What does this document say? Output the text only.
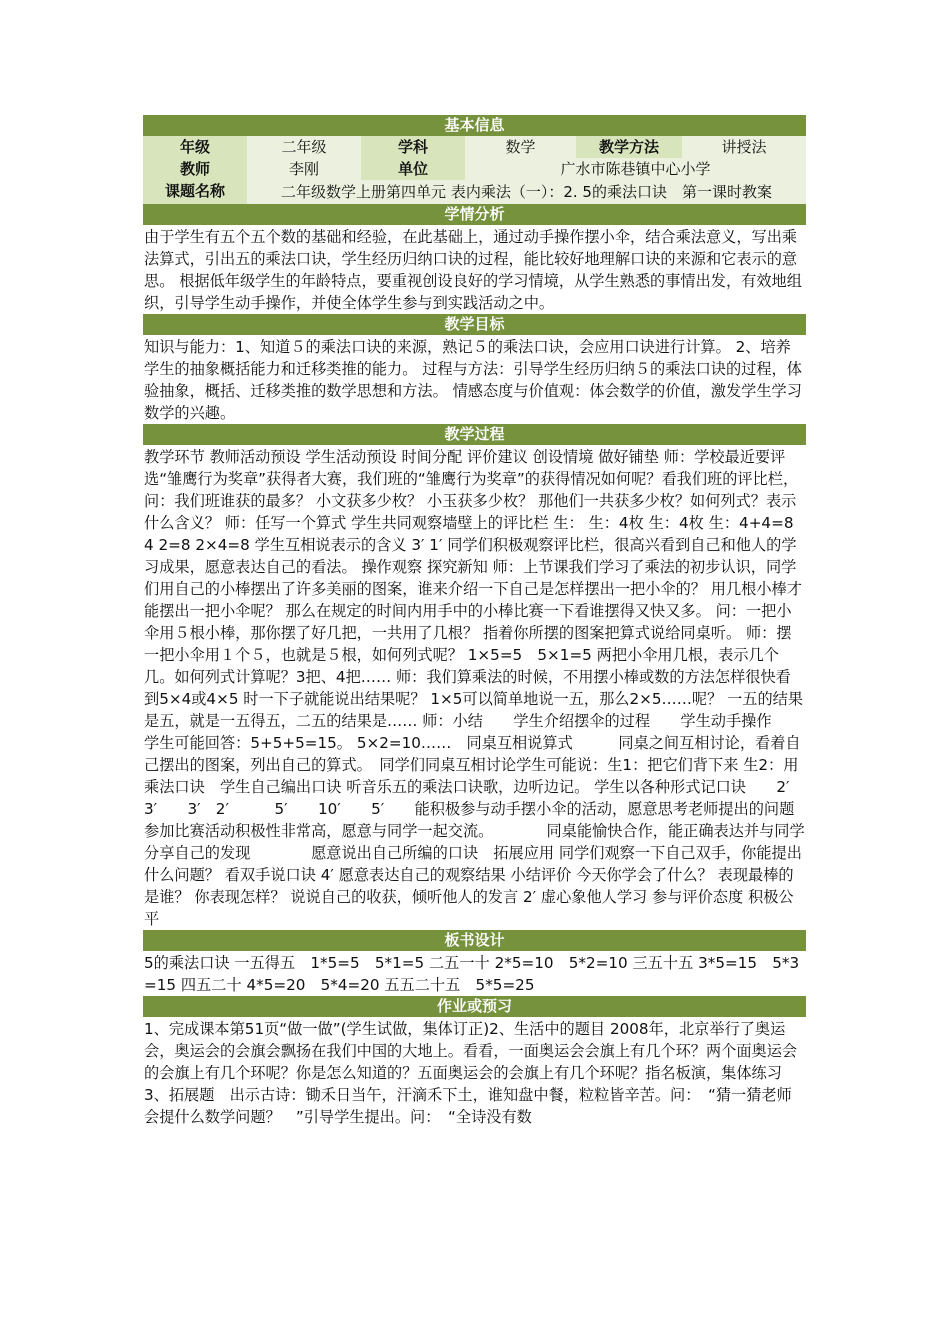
基本信息
年级	二年级	学科	数学	教学方法	讲授法
教师	李刚	单位	广水市陈巷镇中心小学
课题名称	二年级数学上册第四单元 表内乘法（一）：2. 5的乘法口诀　第一课时教案
学情分析
由于学生有五个五个数的基础和经验，在此基础上，通过动手操作摆小伞，结合乘法意义，写出乘法算式，引出五的乘法口诀，学生经历归纳口诀的过程，能比较好地理解口诀的来源和它表示的意思。 根据低年级学生的年龄特点，要重视创设良好的学习情境，从学生熟悉的事情出发，有效地组织，引导学生动手操作，并使全体学生参与到实践活动之中。
教学目标
知识与能力：1、知道５的乘法口诀的来源，熟记５的乘法口诀，会应用口诀进行计算。 2、培养学生的抽象概括能力和迁移类推的能力。 过程与方法：引导学生经历归纳５的乘法口诀的过程，体验抽象，概括、迁移类推的数学思想和方法。 情感态度与价值观：体会数学的价值，激发学生学习数学的兴趣。
教学过程
教学环节 教师活动预设 学生活动预设 时间分配 评价建议 创设情境 做好铺垫 师：学校最近要评选“雏鹰行为奖章”获得者大赛，我们班的“雏鹰行为奖章”的获得情况如何呢？看我们班的评比栏，问：我们班谁获的最多？ 小文获多少枚？ 小玉获多少枚？ 那他们一共获多少枚？如何列式？表示什么含义？ 师：任写一个算式 学生共同观察墙壁上的评比栏 生： 生：4枚 生：4枚 生：4+4=8 4 2=8 2×4=8 学生互相说表示的含义 3′ 1′ 同学们积极观察评比栏，很高兴看到自己和他人的学习成果，愿意表达自己的看法。 操作观察 探究新知 师：上节课我们学习了乘法的初步认识，同学们用自己的小棒摆出了许多美丽的图案，谁来介绍一下自己是怎样摆出一把小伞的？ 用几根小棒才能摆出一把小伞呢？ 那么在规定的时间内用手中的小棒比赛一下看谁摆得又快又多。 问：一把小伞用５根小棒，那你摆了好几把，一共用了几根？ 指着你所摆的图案把算式说给同桌听。 师：摆一把小伞用１个５，也就是５根，如何列式呢？ 1×5=5　5×1=5 两把小伞用几根，表示几个几。如何列式计算呢？3把、4把…… 师：我们算乘法的时候，不用摆小棒或数的方法怎样很快看到5×4或4×5 时一下子就能说出结果呢？ 1×5可以简单地说一五，那么2×5……呢？ 一五的结果是五，就是一五得五，二五的结果是…… 师：小结　　学生介绍摆伞的过程　　学生动手操作　　学生可能回答：5+5+5=15。 5×2=10……　同桌互相说算式　　　同桌之间互相讨论，看着自己摆出的图案，列出自己的算式。　同学们同桌互相讨论学生可能说：生1：把它们背下来 生2：用乘法口诀　学生自己编出口诀 听音乐五的乘法口诀歌，边听边记。 学生以各种形式记口诀　　2′　　　3′　　3′　2′　　　5′　　10′　　5′　　能积极参与动手摆小伞的活动，愿意思考老师提出的问题　　　参加比赛活动积极性非常高，愿意与同学一起交流。　　　　同桌能愉快合作，能正确表达并与同学分享自己的发现　　　　愿意说出自己所编的口诀　拓展应用 同学们观察一下自己双手，你能提出什么问题？ 看双手说口诀 4′ 愿意表达自己的观察结果 小结评价 今天你学会了什么？ 表现最棒的是谁？ 你表现怎样？ 说说自己的收获，倾听他人的发言 2′ 虚心象他人学习 参与评价态度 积极公平
板书设计
5的乘法口诀 一五得五　1*5=5　5*1=5 二五一十 2*5=10　5*2=10 三五十五 3*5=15　5*3=15 四五二十 4*5=20　5*4=20 五五二十五　5*5=25
作业或预习
1、完成课本第51页“做一做”(学生试做，集体订正)2、生活中的题目 2008年，北京举行了奥运会，奥运会的会旗会飘扬在我们中国的大地上。看看，一面奥运会会旗上有几个环？两个面奥运会的会旗上有几个环呢？你是怎么知道的？五面奥运会的会旗上有几个环呢？指名板演，集体练习 3、拓展题　出示古诗：锄禾日当午，汗滴禾下土，谁知盘中餐，粒粒皆辛苦。问：　“猜一猜老师会提什么数学问题？　”引导学生提出。问：　“全诗没有数
